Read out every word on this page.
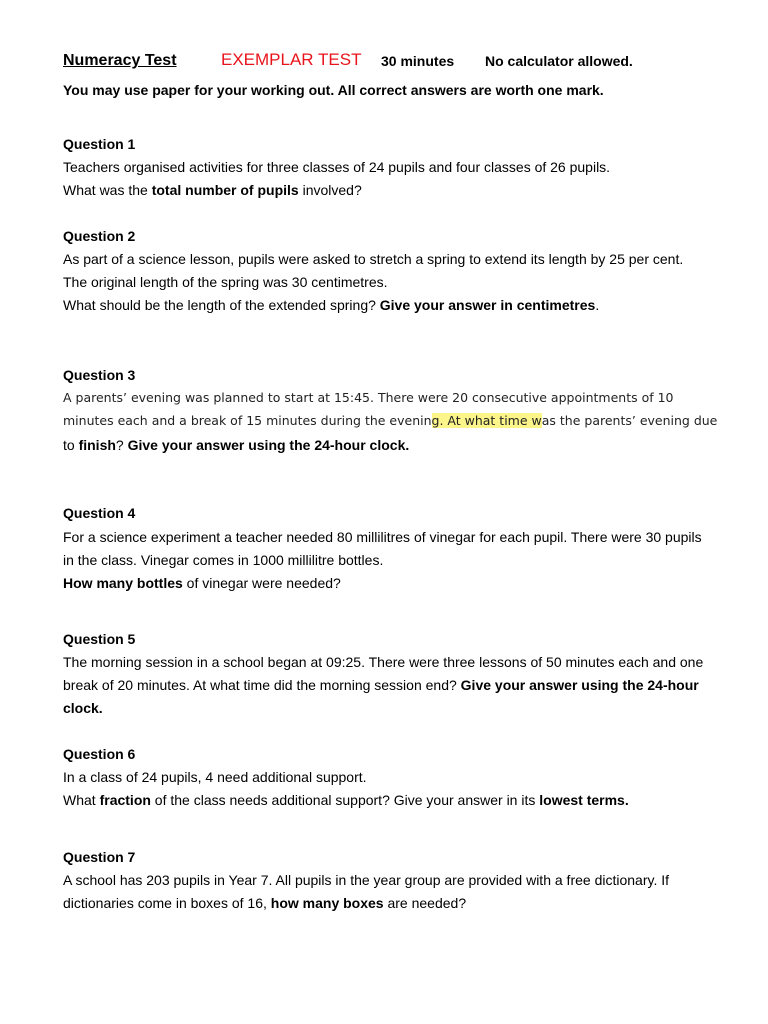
Numeracy Test	EXEMPLAR TEST 30 minutes No calculator allowed.
You may use paper for your working out. All correct answers are worth one mark.
Question 1
Teachers organised activities for three classes of 24 pupils and four classes of 26 pupils.
What was the total number of pupils involved?
Question 2
As part of a science lesson, pupils were asked to stretch a spring to extend its length by 25 per cent.
The original length of the spring was 30 centimetres.
What should be the length of the extended spring? Give your answer in centimetres.
Question 3
A parents’ evening was planned to start at 15:45. There were 20 consecutive appointments of 10
minutes each and a break of 15 minutes during the evening. At what time was the parents’ evening due
to finish? Give your answer using the 24-hour clock.
Question 4
For a science experiment a teacher needed 80 millilitres of vinegar for each pupil. There were 30 pupils
in the class. Vinegar comes in 1000 millilitre bottles.
How many bottles of vinegar were needed?
Question 5
The morning session in a school began at 09:25. There were three lessons of 50 minutes each and one
break of 20 minutes. At what time did the morning session end? Give your answer using the 24-hour
clock.
Question 6
In a class of 24 pupils, 4 need additional support.
What fraction of the class needs additional support? Give your answer in its lowest terms.
Question 7
A school has 203 pupils in Year 7. All pupils in the year group are provided with a free dictionary. If
dictionaries come in boxes of 16, how many boxes are needed?
